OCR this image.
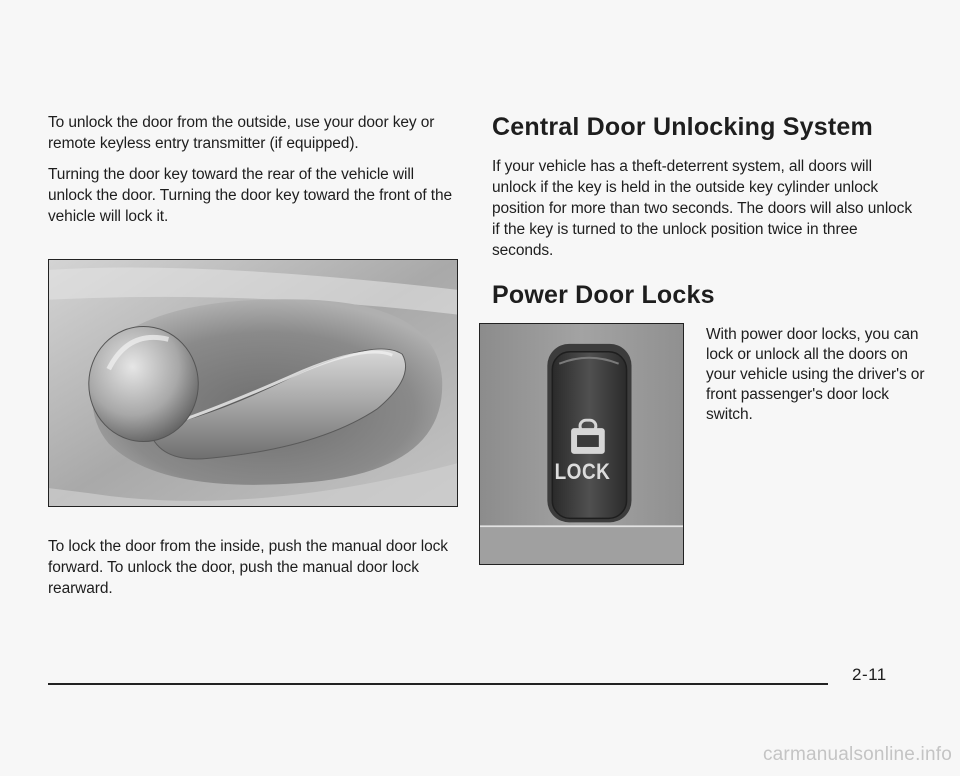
To unlock the door from the outside, use your door key or remote keyless entry transmitter (if equipped).

Turning the door key toward the rear of the vehicle will unlock the door. Turning the door key toward the front of the vehicle will lock it.

To lock the door from the inside, push the manual door lock forward. To unlock the door, push the manual door lock rearward.

Central Door Unlocking System

If your vehicle has a theft-deterrent system, all doors will unlock if the key is held in the outside key cylinder unlock position for more than two seconds. The doors will also unlock if the key is turned to the unlock position twice in three seconds.

Power Door Locks
LOCK

With power door locks, you can lock or unlock all the doors on your vehicle using the driver's or front passenger's door lock switch.

2-11
carmanualsonline.info
